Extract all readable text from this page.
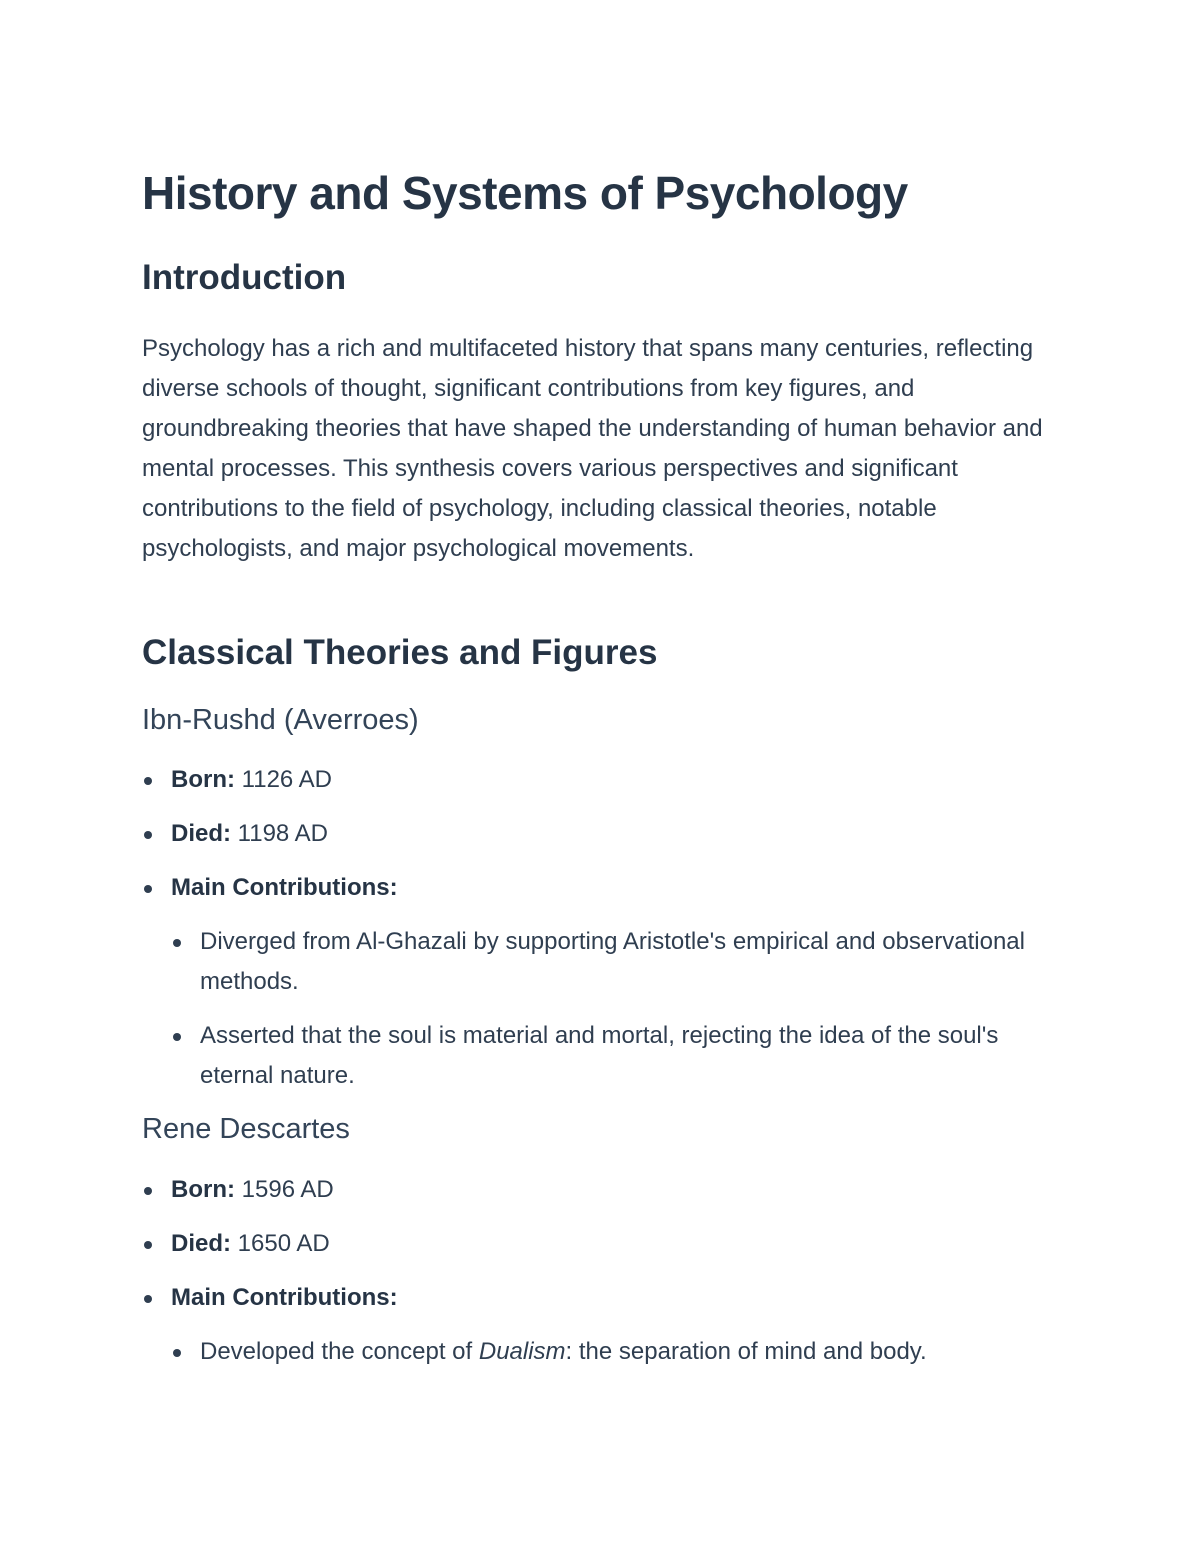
History and Systems of Psychology
Introduction

Psychology has a rich and multifaceted history that spans many centuries, reflecting diverse schools of thought, significant contributions from key figures, and groundbreaking theories that have shaped the understanding of human behavior and mental processes. This synthesis covers various perspectives and significant contributions to the field of psychology, including classical theories, notable psychologists, and major psychological movements.

Classical Theories and Figures
Ibn-Rushd (Averroes)
Born: 1126 AD
Died: 1198 AD
Main Contributions:
Diverged from Al-Ghazali by supporting Aristotle's empirical and observational methods.
Asserted that the soul is material and mortal, rejecting the idea of the soul's eternal nature.
Rene Descartes
Born: 1596 AD
Died: 1650 AD
Main Contributions:
Developed the concept of Dualism: the separation of mind and body.
